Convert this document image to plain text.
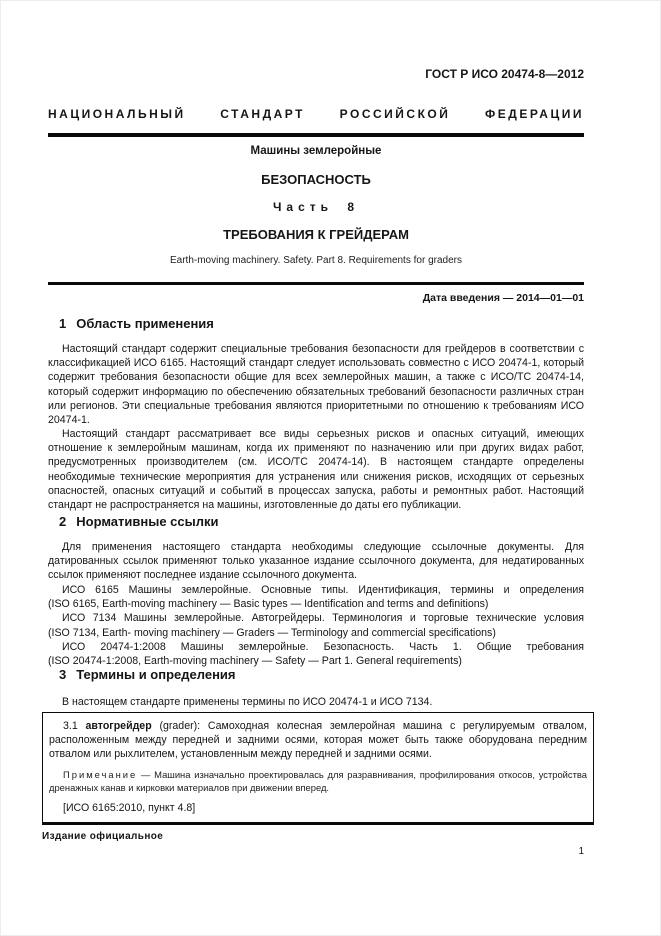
ГОСТ Р ИСО 20474-8—2012
НАЦИОНАЛЬНЫЙ СТАНДАРТ РОССИЙСКОЙ ФЕДЕРАЦИИ
Машины землеройные
БЕЗОПАСНОСТЬ
Часть 8
ТРЕБОВАНИЯ К ГРЕЙДЕРАМ
Earth-moving machinery. Safety. Part 8. Requirements for graders
Дата введения — 2014—01—01
1 Область применения
Настоящий стандарт содержит специальные требования безопасности для грейдеров в соответствии с классификацией ИСО 6165. Настоящий стандарт следует использовать совместно с ИСО 20474-1, который содержит требования безопасности общие для всех землеройных машин, а также с ИСО/ТС 20474-14, который содержит информацию по обеспечению обязательных требований безопасности различных стран или регионов. Эти специальные требования являются приоритетными по отношению к требованиям ИСО 20474-1.
Настоящий стандарт рассматривает все виды серьезных рисков и опасных ситуаций, имеющих отношение к землеройным машинам, когда их применяют по назначению или при других видах работ, предусмотренных производителем (см. ИСО/ТС 20474-14). В настоящем стандарте определены необходимые технические мероприятия для устранения или снижения рисков, исходящих от серьезных опасностей, опасных ситуаций и событий в процессах запуска, работы и ремонтных работ. Настоящий стандарт не распространяется на машины, изготовленные до даты его публикации.
2 Нормативные ссылки
Для применения настоящего стандарта необходимы следующие ссылочные документы. Для датированных ссылок применяют только указанное издание ссылочного документа, для недатированных ссылок применяют последнее издание ссылочного документа.
ИСО 6165 Машины землеройные. Основные типы. Идентификация, термины и определения
(ISO 6165, Earth-moving machinery — Basic types — Identification and terms and definitions)
ИСО 7134 Машины землеройные. Автогрейдеры. Терминология и торговые технические условия
(ISO 7134, Earth- moving machinery — Graders — Terminology and commercial specifications)
ИСО 20474-1:2008 Машины землеройные. Безопасность. Часть 1. Общие требования
(ISO 20474-1:2008, Earth-moving machinery — Safety — Part 1. General requirements)
3 Термины и определения
В настоящем стандарте применены термины по ИСО 20474-1 и ИСО 7134.

3.1 автогрейдер (grader): Самоходная колесная землеройная машина с регулируемым отвалом, расположенным между передней и задними осями, которая может быть также оборудована передним отвалом или рыхлителем, установленным между передней и задними осями.

Примечание — Машина изначально проектировалась для разравнивания, профилирования откосов, устройства дренажных канав и кирковки материалов при движении вперед.

[ИСО 6165:2010, пункт 4.8]

Издание официальное
1
